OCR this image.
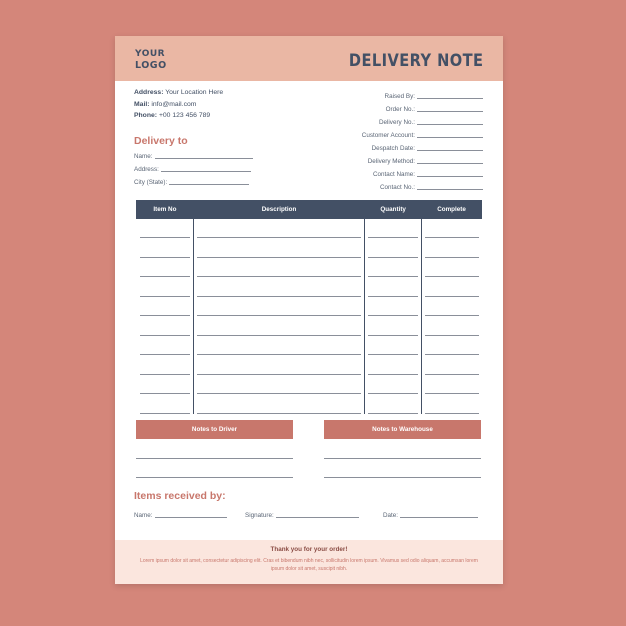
YOUR
LOGO	DELIVERY NOTE
Address: Your Location Here
Mail: info@mail.com
Phone: +00 123 456 789
Raised By:
Order No.:
Delivery No.:
Customer Account:
Despatch Date:
Delivery Method:
Contact Name:
Contact No.:
Delivery to
Name:
Address:
City (State):
Item No	Description	Quantity	Complete

Notes to Driver	Notes to Warehouse
Items received by:
Name:	Signature:	Date:
Thank you for your order!
Lorem ipsum dolor sit amet, consectetur adipiscing elit. Cras et bibendum nibh nec, sollicitudin lorem ipsum. Vivamus sed odio aliquam, accumsan lorem ipsum dolor sit amet, suscipit nibh.
